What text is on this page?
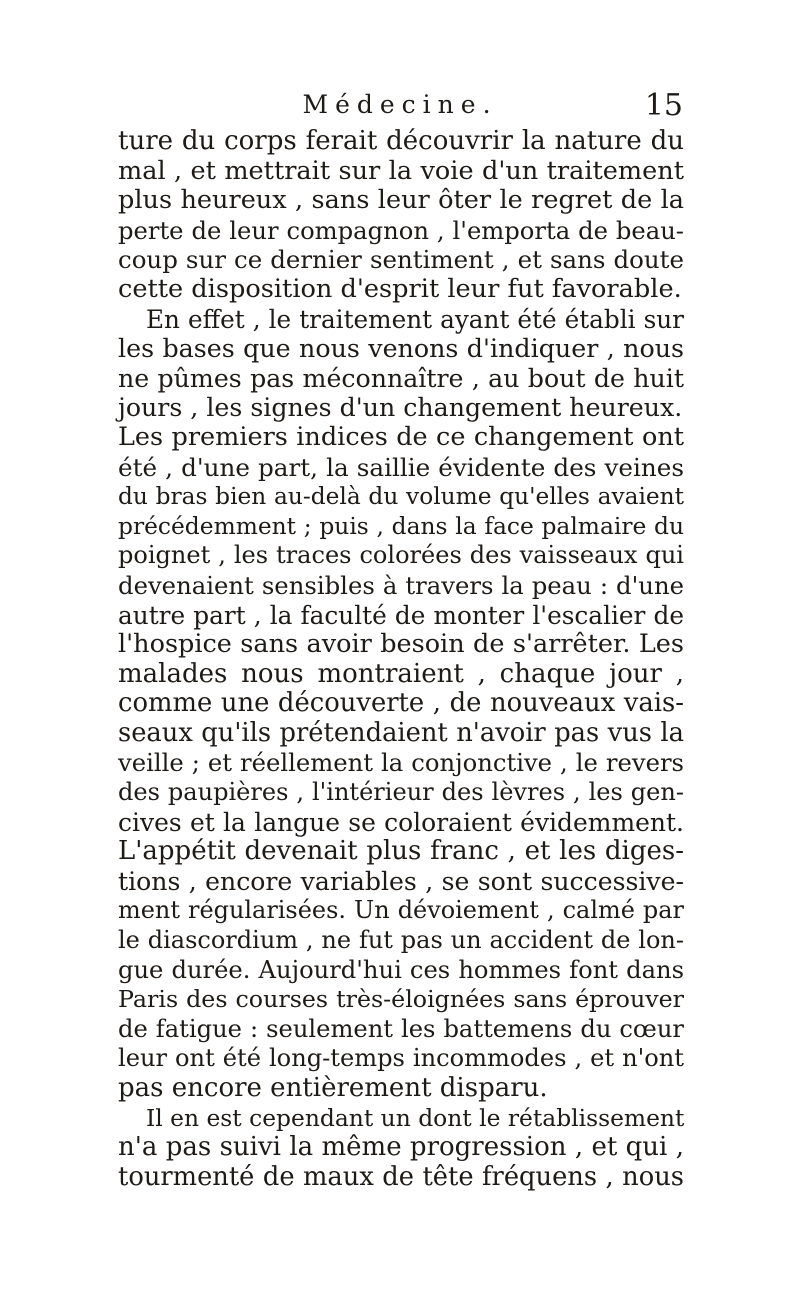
Médecine.	15
ture du corps ferait découvrir la nature du
mal , et mettrait sur la voie d'un traitement
plus heureux , sans leur ôter le regret de la
perte de leur compagnon , l'emporta de beau-
coup sur ce dernier sentiment , et sans doute
cette disposition d'esprit leur fut favorable.
En effet , le traitement ayant été établi sur
les bases que nous venons d'indiquer , nous
ne pûmes pas méconnaître , au bout de huit
jours , les signes d'un changement heureux.
Les premiers indices de ce changement ont
été , d'une part, la saillie évidente des veines
du bras bien au-delà du volume qu'elles avaient
précédemment ; puis , dans la face palmaire du
poignet , les traces colorées des vaisseaux qui
devenaient sensibles à travers la peau : d'une
autre part , la faculté de monter l'escalier de
l'hospice sans avoir besoin de s'arrêter. Les
malades nous montraient , chaque jour ,
comme une découverte , de nouveaux vais-
seaux qu'ils prétendaient n'avoir pas vus la
veille ; et réellement la conjonctive , le revers
des paupières , l'intérieur des lèvres , les gen-
cives et la langue se coloraient évidemment.
L'appétit devenait plus franc , et les diges-
tions , encore variables , se sont successive-
ment régularisées. Un dévoiement , calmé par
le diascordium , ne fut pas un accident de lon-
gue durée. Aujourd'hui ces hommes font dans
Paris des courses très-éloignées sans éprouver
de fatigue : seulement les battemens du cœur
leur ont été long-temps incommodes , et n'ont
pas encore entièrement disparu.
Il en est cependant un dont le rétablissement
n'a pas suivi la même progression , et qui ,
tourmenté de maux de tête fréquens , nous
